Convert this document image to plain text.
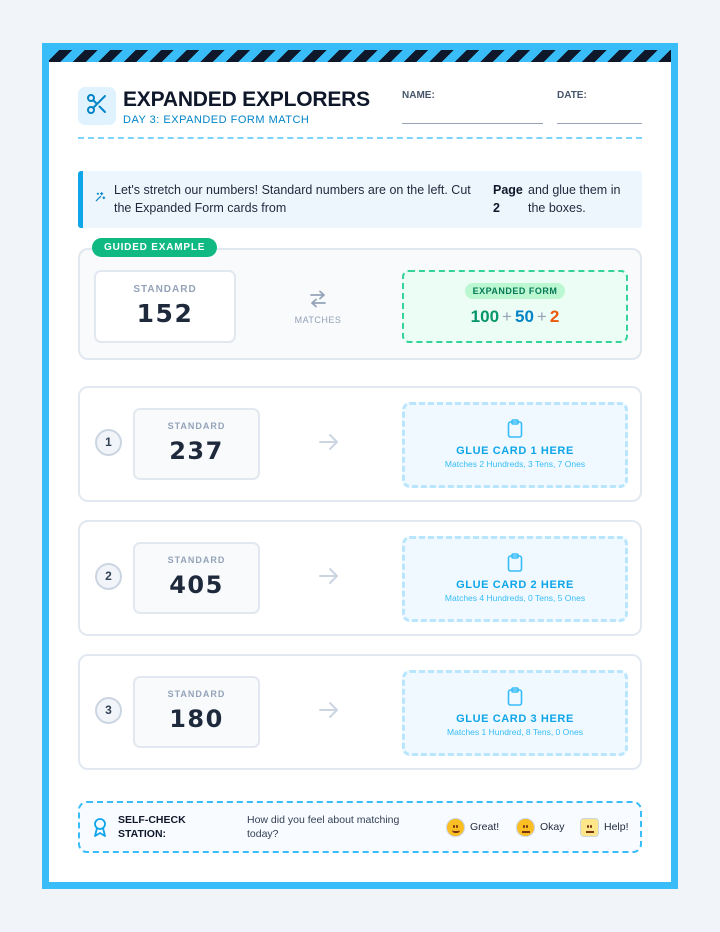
EXPANDED EXPLORERS
DAY 3: EXPANDED FORM MATCH
NAME:	DATE:
Let's stretch our numbers! Standard numbers are on the left. Cut the Expanded Form cards from
Page 2
and glue them in the boxes.
STANDARD
152	MATCHES
EXPANDED FORM
100 + 50 + 2
GUIDED EXAMPLE
1
STANDARD
237	GLUE CARD 1 HERE
Matches 2 Hundreds, 3 Tens, 7 Ones
2
STANDARD
405	GLUE CARD 2 HERE
Matches 4 Hundreds, 0 Tens, 5 Ones
3
STANDARD
180	GLUE CARD 3 HERE
Matches 1 Hundred, 8 Tens, 0 Ones
SELF-CHECK STATION:
How did you feel about matching today?
Great!	Okay	Help!
